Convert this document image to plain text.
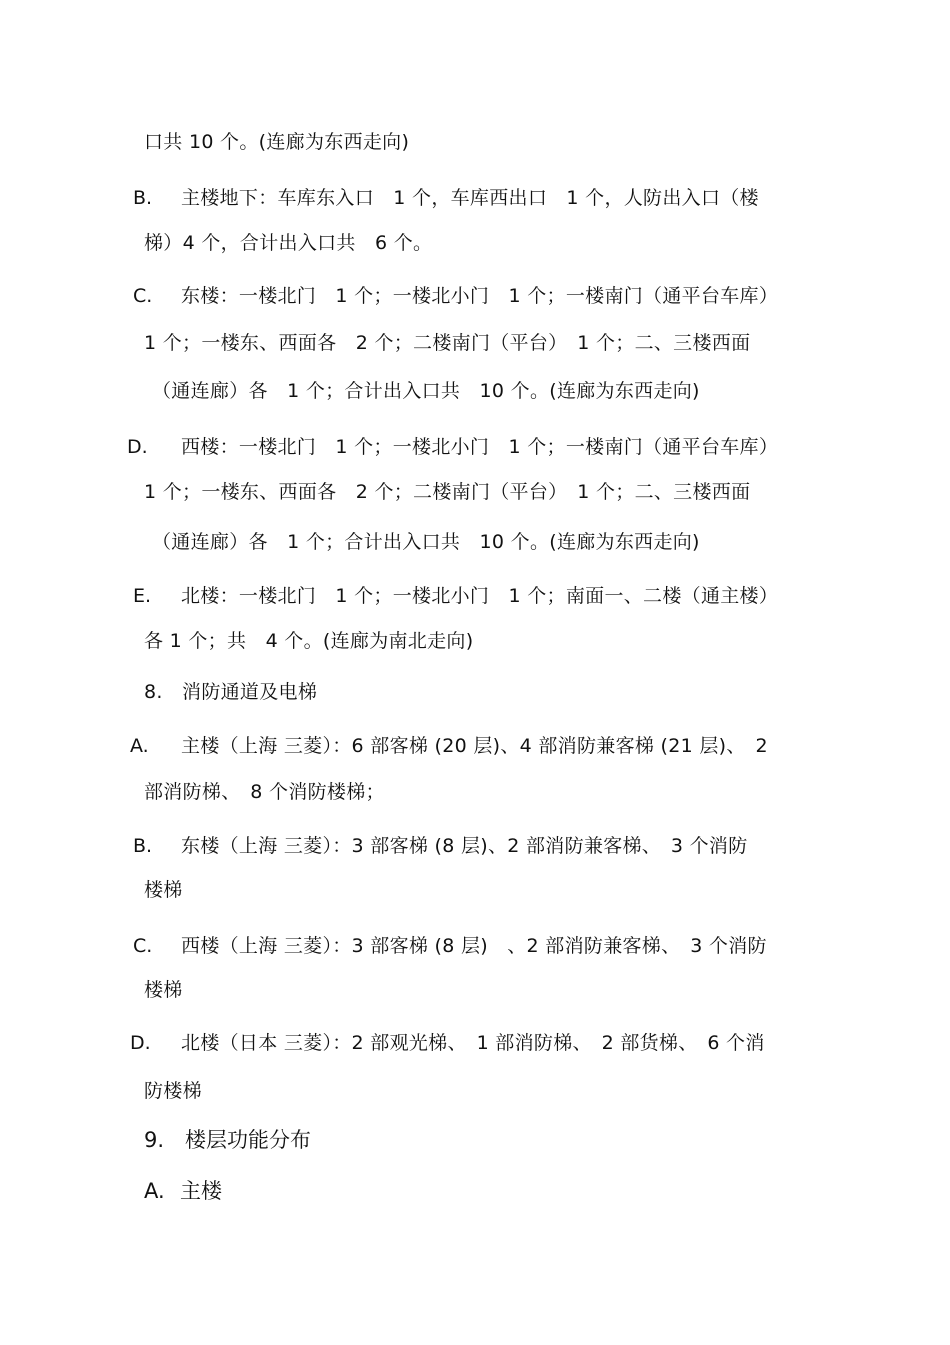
口共 10 个。(连廊为东西走向)
B. 主楼地下：车库东入口　1 个，车库西出口　1 个，人防出入口（楼
梯）4 个，合计出入口共　6 个。
C. 东楼：一楼北门　1 个；一楼北小门　1 个；一楼南门（通平台车库）
1 个；一楼东、西面各　2 个；二楼南门（平台）　1 个；二、三楼西面
（通连廊）各　1 个；合计出入口共　10 个。(连廊为东西走向)
D. 西楼：一楼北门　1 个；一楼北小门　1 个；一楼南门（通平台车库）
1 个；一楼东、西面各　2 个；二楼南门（平台）　1 个；二、三楼西面
（通连廊）各　1 个；合计出入口共　10 个。(连廊为东西走向)
E. 北楼：一楼北门　1 个；一楼北小门　1 个；南面一、二楼（通主楼）
各 1 个；共　4 个。(连廊为南北走向)
8.　消防通道及电梯
A. 主楼（上海 三菱）：6 部客梯 (20 层)、4 部消防兼客梯 (21 层)、　2
部消防梯、　8 个消防楼梯；
B. 东楼（上海 三菱）：3 部客梯 (8 层)、2 部消防兼客梯、　3 个消防
楼梯
C. 西楼（上海 三菱）：3 部客梯 (8 层)　、2 部消防兼客梯、　3 个消防
楼梯
D. 北楼（日本 三菱）：2 部观光梯、　1 部消防梯、　2 部货梯、　6 个消
防楼梯
9.　楼层功能分布
A. 主楼
